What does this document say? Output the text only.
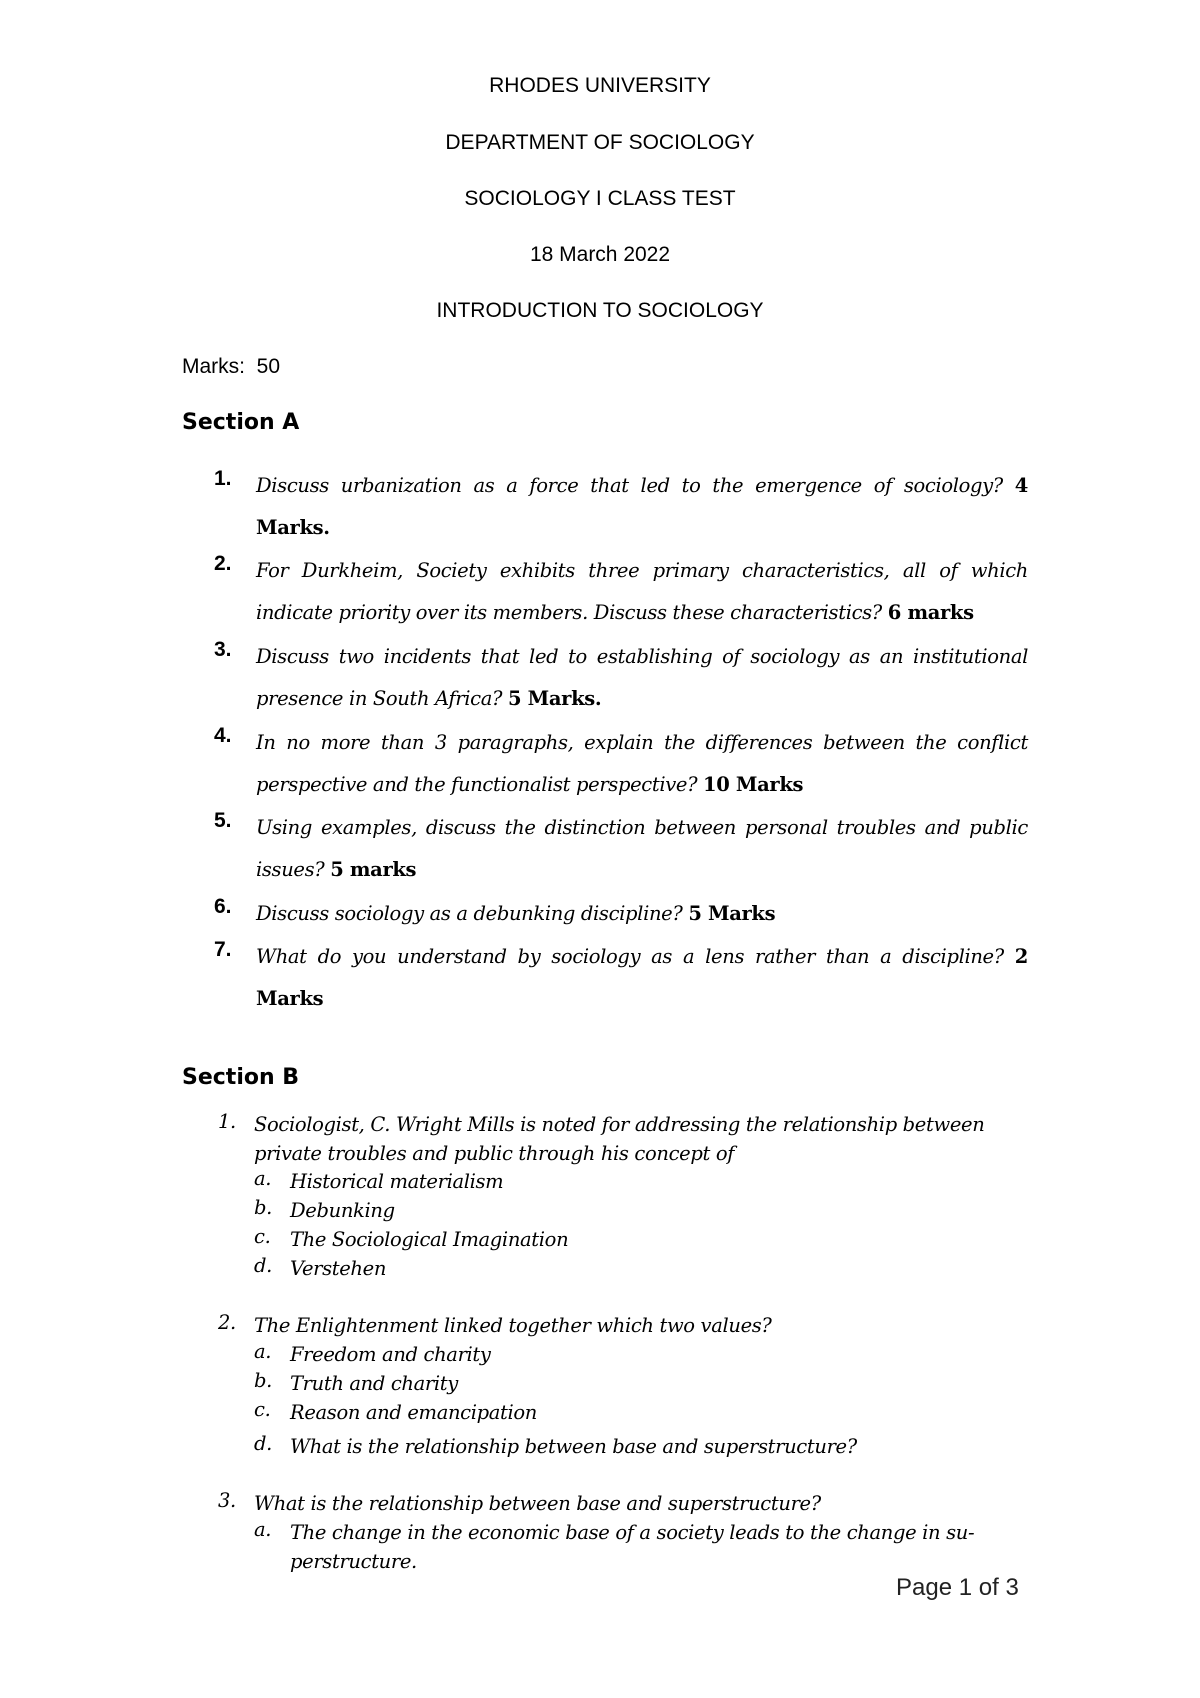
RHODES UNIVERSITY
DEPARTMENT OF SOCIOLOGY
SOCIOLOGY I CLASS TEST
18 March 2022
INTRODUCTION TO SOCIOLOGY
Marks: 50
Section A
1. Discuss urbanization as a force that led to the emergence of sociology? 4 Marks.
2. For Durkheim, Society exhibits three primary characteristics, all of which indicate priority over its members. Discuss these characteristics? 6 marks
3. Discuss two incidents that led to establishing of sociology as an institutional presence in South Africa? 5 Marks.
4. In no more than 3 paragraphs, explain the differences between the conflict perspective and the functionalist perspective? 10 Marks
5. Using examples, discuss the distinction between personal troubles and public issues? 5 marks
6. Discuss sociology as a debunking discipline? 5 Marks
7. What do you understand by sociology as a lens rather than a discipline? 2 Marks
Section B
1. Sociologist, C. Wright Mills is noted for addressing the relationship between private troubles and public through his concept of
a. Historical materialism
b. Debunking
c. The Sociological Imagination
d. Verstehen
2. The Enlightenment linked together which two values?
a. Freedom and charity
b. Truth and charity
c. Reason and emancipation
d. What is the relationship between base and superstructure?
3. What is the relationship between base and superstructure?
a. The change in the economic base of a society leads to the change in su-perstructure.
Page 1 of 3
